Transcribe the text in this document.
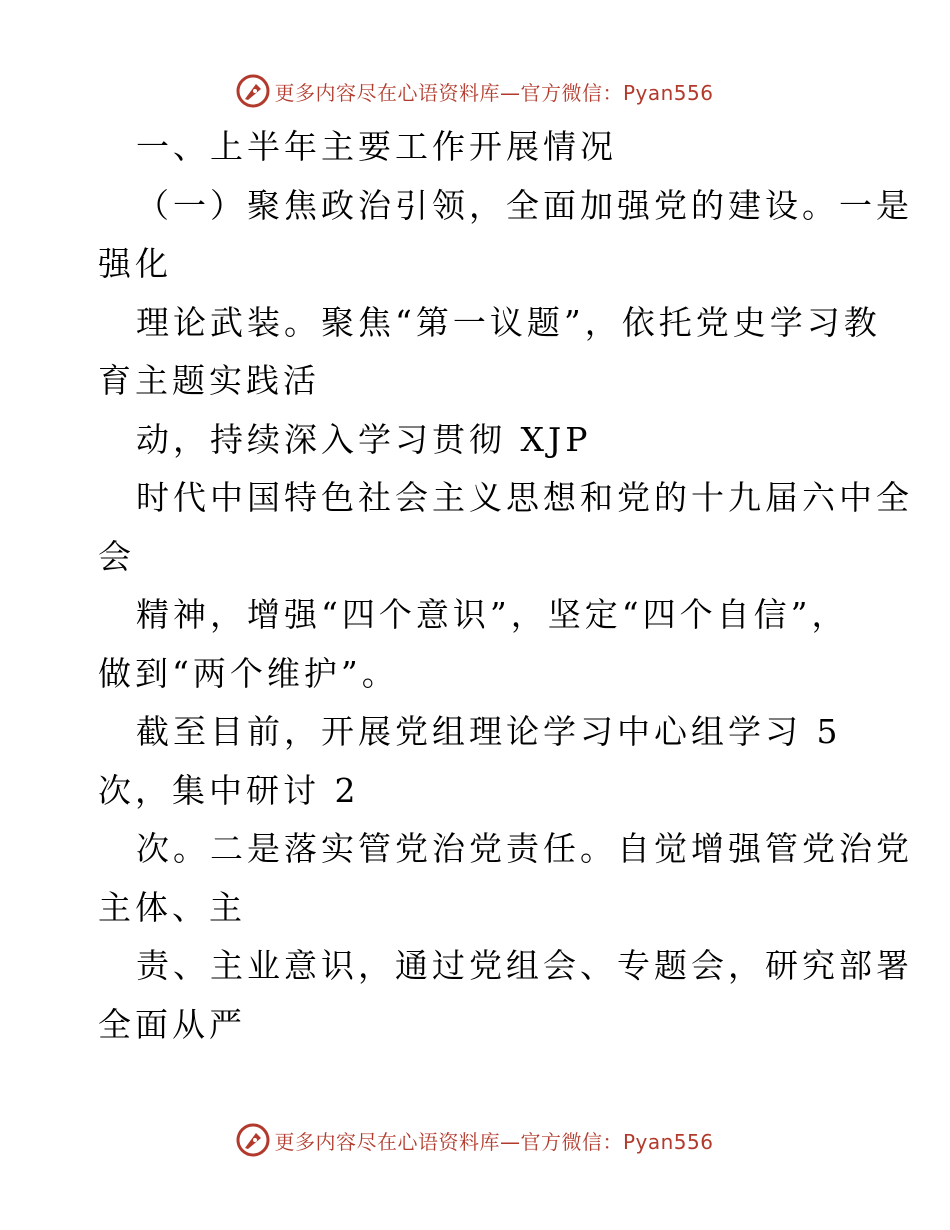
更多内容尽在心语资料库—官方微信：Pyan556
一、上半年主要工作开展情况
（一）聚焦政治引领，全面加强党的建设。一是
强化
理论武装。聚焦“第一议题”，依托党史学习教
育主题实践活
动，持续深入学习贯彻 XJP
时代中国特色社会主义思想和党的十九届六中全
会
精神，增强“四个意识”，坚定“四个自信”，
做到“两个维护”。
截至目前，开展党组理论学习中心组学习 5
次，集中研讨 2
次。二是落实管党治党责任。自觉增强管党治党
主体、主
责、主业意识，通过党组会、专题会，研究部署
全面从严
更多内容尽在心语资料库—官方微信：Pyan556
